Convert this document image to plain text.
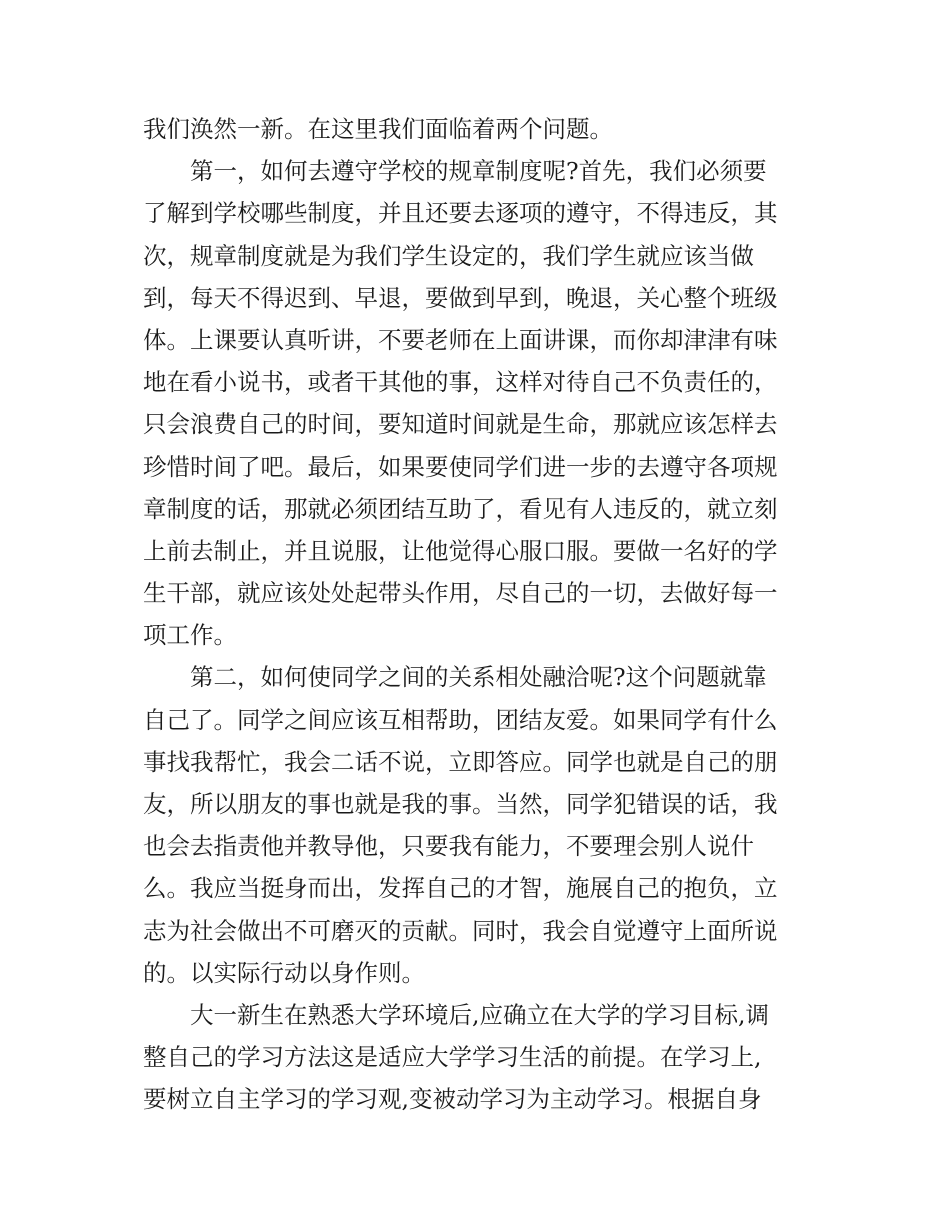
我们涣然一新。在这里我们面临着两个问题。
第一，如何去遵守学校的规章制度呢?首先，我们必须要
了解到学校哪些制度，并且还要去逐项的遵守，不得违反，其
次，规章制度就是为我们学生设定的，我们学生就应该当做
到，每天不得迟到、早退，要做到早到，晚退，关心整个班级
体。上课要认真听讲，不要老师在上面讲课，而你却津津有味
地在看小说书，或者干其他的事，这样对待自己不负责任的，
只会浪费自己的时间，要知道时间就是生命，那就应该怎样去
珍惜时间了吧。最后，如果要使同学们进一步的去遵守各项规
章制度的话，那就必须团结互助了，看见有人违反的，就立刻
上前去制止，并且说服，让他觉得心服口服。要做一名好的学
生干部，就应该处处起带头作用，尽自己的一切，去做好每一
项工作。
第二，如何使同学之间的关系相处融洽呢?这个问题就靠
自己了。同学之间应该互相帮助，团结友爱。如果同学有什么
事找我帮忙，我会二话不说，立即答应。同学也就是自己的朋
友，所以朋友的事也就是我的事。当然，同学犯错误的话，我
也会去指责他并教导他，只要我有能力，不要理会别人说什
么。我应当挺身而出，发挥自己的才智，施展自己的抱负，立
志为社会做出不可磨灭的贡献。同时，我会自觉遵守上面所说
的。以实际行动以身作则。
大一新生在熟悉大学环境后,应确立在大学的学习目标,调
整自己的学习方法这是适应大学学习生活的前提。在学习上,
要树立自主学习的学习观,变被动学习为主动学习。根据自身
